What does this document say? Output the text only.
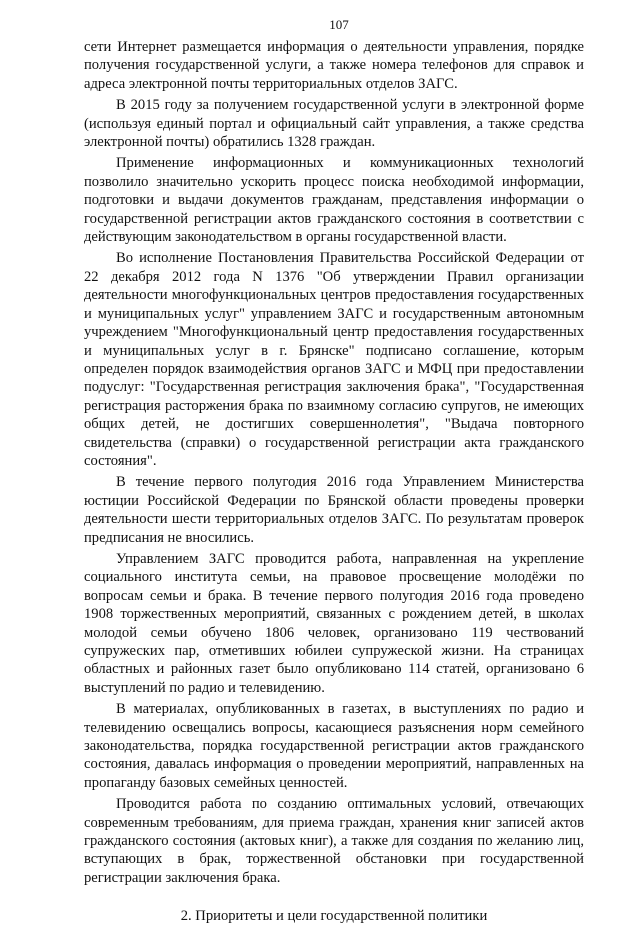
107

сети Интернет размещается информация о деятельности управления, порядке получения государственной услуги, а также номера телефонов для справок и адреса электронной почты территориальных отделов ЗАГС.

В 2015 году за получением государственной услуги в электронной форме (используя единый портал и официальный сайт управления, а также средства электронной почты) обратились 1328 граждан.

Применение информационных и коммуникационных технологий позволило значительно ускорить процесс поиска необходимой информации, подготовки и выдачи документов гражданам, представления информации о государственной регистрации актов гражданского состояния в соответствии с действующим законодательством в органы государственной власти.

Во исполнение Постановления Правительства Российской Федерации от 22 декабря 2012 года N 1376 "Об утверждении Правил организации деятельности многофункциональных центров предоставления государственных и муниципальных услуг" управлением ЗАГС и государственным автономным учреждением "Многофункциональный центр предоставления государственных и муниципальных услуг в г. Брянске" подписано соглашение, которым определен порядок взаимодействия органов ЗАГС и МФЦ при предоставлении подуслуг: "Государственная регистрация заключения брака", "Государственная регистрация расторжения брака по взаимному согласию супругов, не имеющих общих детей, не достигших совершеннолетия", "Выдача повторного свидетельства (справки) о государственной регистрации акта гражданского состояния".

В течение первого полугодия 2016 года Управлением Министерства юстиции Российской Федерации по Брянской области проведены проверки деятельности шести территориальных отделов ЗАГС. По результатам проверок предписания не вносились.

Управлением ЗАГС проводится работа, направленная на укрепление социального института семьи, на правовое просвещение молодёжи по вопросам семьи и брака. В течение первого полугодия 2016 года проведено 1908 торжественных мероприятий, связанных с рождением детей, в школах молодой семьи обучено 1806 человек, организовано 119 чествований супружеских пар, отметивших юбилеи супружеской жизни. На страницах областных и районных газет было опубликовано 114 статей, организовано 6 выступлений по радио и телевидению.

В материалах, опубликованных в газетах, в выступлениях по радио и телевидению освещались вопросы, касающиеся разъяснения норм семейного законодательства, порядка государственной регистрации актов гражданского состояния, давалась информация о проведении мероприятий, направленных на пропаганду базовых семейных ценностей.

Проводится работа по созданию оптимальных условий, отвечающих современным требованиям, для приема граждан, хранения книг записей актов гражданского состояния (актовых книг), а также для создания по желанию лиц, вступающих в брак, торжественной обстановки при государственной регистрации заключения брака.

2. Приоритеты и цели государственной политики
